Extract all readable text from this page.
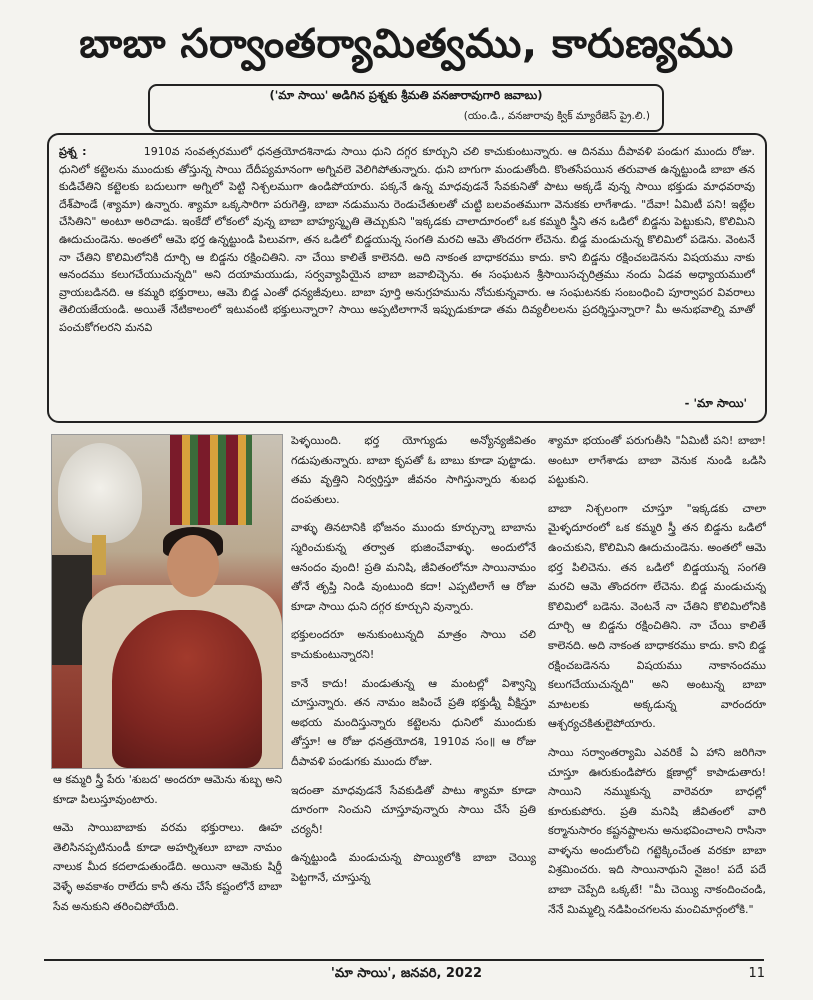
బాబా సర్వాంతర్యామిత్వము, కారుణ్యము
('మా సాయి' అడిగిన ప్రశ్నకు శ్రీమతి వనజారావుగారి జవాబు)
(యం.డి., వనజారావు క్విక్ మ్యారేజెస్ ప్రై.లి.)
ప్రశ్న :	1910వ సంవత్సరములో ధనత్రయోదశినాడు సాయి ధుని దగ్గర కూర్చుని చలి కాచుకుంటున్నారు. ఆ దినము దీపావళి పండుగ ముందు రోజు. ధునిలో కట్టెలను ముందుకు తోస్తున్న సాయి దేదీప్యమానంగా అగ్నివలె వెలిగిపోతున్నారు. ధుని బాగుగా మండుతోంది. కొంతసేపయిన తరువాత ఉన్నట్టుండి బాబా తన కుడిచేతిని కట్టెలకు బదులుగా అగ్నిలో పెట్టి నిశ్చలముగా ఉండిపోయారు. పక్కనే ఉన్న మాధవుడనే సేవకునితో పాటు అక్కడే వున్న సాయి భక్తుడు మాధవరావు దేశ్‌పాండే (శ్యామా) ఉన్నారు. శ్యామా ఒక్కసారిగా పరుగెత్తి, బాబా నడుమును రెండుచేతులతో చుట్టి బలవంతముగా వెనుకకు లాగేశాడు. "దేవా! ఏమిటీ పని! ఇట్లేల చేసితిని" అంటూ అరిచాడు. ఇంకేదో లోకంలో వున్న బాబా బాహ్యస్మృతి తెచ్చుకుని "ఇక్కడకు చాలాదూరంలో ఒక కమ్మరి స్త్రీని తన ఒడిలో బిడ్డను పెట్టుకుని, కొలిమిని ఊదుచుండెను. అంతలో ఆమె భర్త ఉన్నట్టుండి పిలువగా, తన ఒడిలో బిడ్డయున్న సంగతి మరచి ఆమె తొందరగా లేచెను. బిడ్డ మండుచున్న కొలిమిలో పడెను. వెంటనే నా చేతిని కొలిమిలోనికి దూర్చి ఆ బిడ్డను రక్షించితిని. నా చేయి కాలితే కాలెనది. అది నాకంత బాధాకరము కాదు. కాని బిడ్డను రక్షించబడెనను విషయము నాకు ఆనందము కలుగచేయుచున్నది" అని దయామయుడు, సర్వవ్యాపియైన బాబా జవాబిచ్చెను. ఈ సంఘటన శ్రీసాయిసచ్చరిత్రము నందు ఏడవ అధ్యాయములో వ్రాయబడినది. ఆ కమ్మరి భక్తురాలు, ఆమె బిడ్డ ఎంతో ధన్యజీవులు. బాబా పూర్తి అనుగ్రహమును నోచుకున్నవారు. ఆ సంఘటనకు సంబంధించి పూర్వాపర వివరాలు తెలియజేయండి. అయితే నేటికాలంలో ఇటువంటి భక్తులున్నారా? సాయి అప్పటిలాగానే ఇప్పుడుకూడా తమ దివ్యలీలలను ప్రదర్శిస్తున్నారా? మీ అనుభవాల్ని మాతో పంచుకోగలరని మనవి
- 'మా సాయి'

ఆ కమ్మరి స్త్రీ పేరు 'శుబద' అందరూ ఆమెను శుబ్బ అని కూడా పిలుస్తూవుంటారు.

ఆమె సాయిబాబాకు వరమ భక్తురాలు. ఊహ తెలిసినప్పటినుండీ కూడా అహర్నిశలూ బాబా నామం నాలుక మీద కదలాడుతుండేది. అయినా ఆమెకు షిర్డీ వెళ్ళే అవకాశం రాలేదు కానీ తను చేసే కష్టంలోనే బాబా సేవ అనుకుని తరించిపోయేది.

పెళ్ళయింది. భర్త యోగ్యుడు అన్యోన్యజీవితం గడుపుతున్నారు. బాబా కృపతో ఓ బాబు కూడా పుట్టాడు. తమ వృత్తిని నిర్వర్తిస్తూ జీవనం సాగిస్తున్నారు శుబధ దంపతులు.

వాళ్ళు తినటానికి భోజనం ముందు కూర్చున్నా బాబాను స్మరించుకున్న తర్వాత భుజించేవాళ్ళు. అందులోనే ఆనందం వుంది! ప్రతి మనిషి, జీవితంలోనూ సాయినామం తోనే తృప్తి నిండి వుంటుంది కదా! ఎప్పటిలాగే ఆ రోజు కూడా సాయి ధుని దగ్గర కూర్చుని వున్నారు.

భక్తులందరూ అనుకుంటున్నది మాత్రం సాయి చలి కాచుకుంటున్నారని!

కానే కాదు! మండుతున్న ఆ మంటల్లో విశ్వాన్ని చూస్తున్నారు. తన నామం జపించే ప్రతి భక్తుడ్నీ వీక్షిస్తూ అభయ మందిస్తున్నారు కట్టెలను ధునిలో ముందుకు తోస్తూ! ఆ రోజు ధనత్రయోదశి, 1910వ సం॥ ఆ రోజు దీపావళి పండుగకు ముందు రోజు.

ఇదంతా మాధవుడనే సేవకుడితో పాటు శ్యామా కూడా దూరంగా నించుని చూస్తూవున్నారు సాయి చేసే ప్రతి చర్యనీ!

ఉన్నట్టుండి మండుచున్న పొయ్యిలోకి బాబా చెయ్యి పెట్టగానే, చూస్తున్న

శ్యామా భయంతో పరుగుతీసి "ఏమిటీ పని! బాబా! అంటూ లాగేశాడు బాబా వెనుక నుండి ఒడిసి పట్టుకుని.

బాబా నిశ్చలంగా చూస్తూ "ఇక్కడకు చాలా మైళ్ళదూరంలో ఒక కమ్మరి స్త్రీ తన బిడ్డను ఒడిలో ఉంచుకుని, కొలిమిని ఊదుచుండెను. అంతలో ఆమె భర్త పిలిచెను. తన ఒడిలో బిడ్డయున్న సంగతి మరచి ఆమె తొందరగా లేచెను. బిడ్డ మండుచున్న కొలిమిలో బడెను. వెంటనే నా చేతిని కొలిమిలోనికి దూర్చి ఆ బిడ్డను రక్షించితిని. నా చేయి కాలితే కాలెనది. అది నాకంత బాధాకరము కాదు. కాని బిడ్డ రక్షించబడెనను విషయము నాకానందము కలుగచేయుచున్నది" అని అంటున్న బాబా మాటలకు అక్కడున్న వారందరూ ఆశ్చర్యచకితులైపోయారు.

సాయి సర్వాంతర్యామి ఎవరికే ఏ హాని జరిగినా చూస్తూ ఊరుకుండిపోరు క్షణాల్లో కాపాడుతారు! సాయిని నమ్ముకున్న వారెవరూ బాధల్లో కూరుకుపోరు. ప్రతి మనిషి జీవితంలో వారి కర్మానుసారం కష్టనష్టాలను అనుభవించాలని రాసినా వాళ్ళను అందులోంచి గట్టెక్కించేంత వరకూ బాబా విశ్రమించరు. ఇది సాయినాథుని నైజం! పదే పదే బాబా చెప్పేది ఒక్కటే! "మీ చెయ్యి నాకందించండి, నేనే మిమ్మల్ని నడిపించగలను మంచిమార్గంలోకి."

'మా సాయి', జనవరి, 2022	11
